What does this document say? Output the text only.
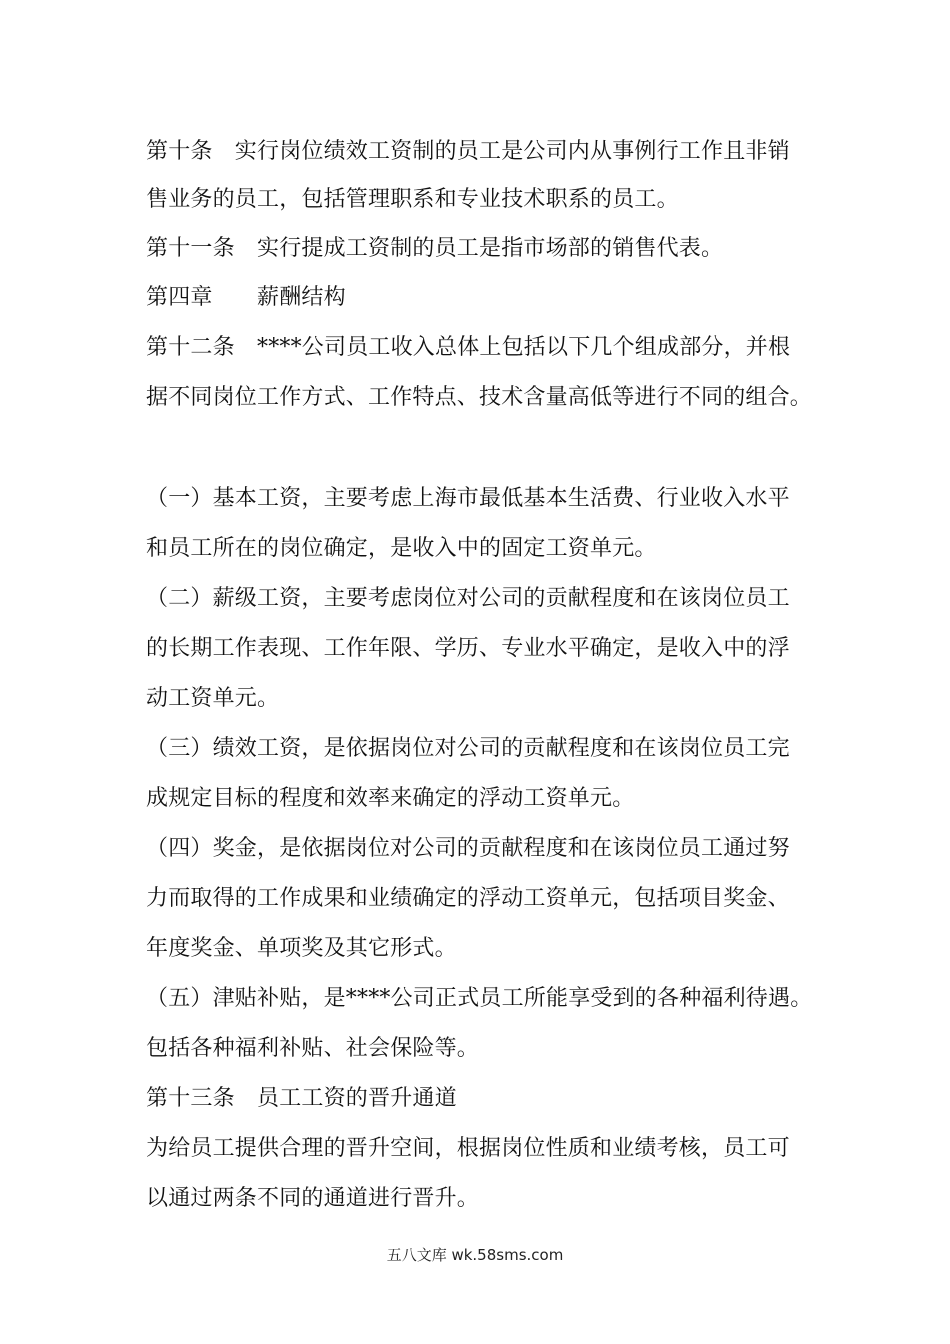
第十条　实行岗位绩效工资制的员工是公司内从事例行工作且非销
售业务的员工，包括管理职系和专业技术职系的员工。
第十一条　实行提成工资制的员工是指市场部的销售代表。
第四章　　薪酬结构
第十二条　****公司员工收入总体上包括以下几个组成部分，并根
据不同岗位工作方式、工作特点、技术含量高低等进行不同的组合。
（一）基本工资，主要考虑上海市最低基本生活费、行业收入水平
和员工所在的岗位确定，是收入中的固定工资单元。
（二）薪级工资，主要考虑岗位对公司的贡献程度和在该岗位员工
的长期工作表现、工作年限、学历、专业水平确定，是收入中的浮
动工资单元。
（三）绩效工资，是依据岗位对公司的贡献程度和在该岗位员工完
成规定目标的程度和效率来确定的浮动工资单元。
（四）奖金，是依据岗位对公司的贡献程度和在该岗位员工通过努
力而取得的工作成果和业绩确定的浮动工资单元，包括项目奖金、
年度奖金、单项奖及其它形式。
（五）津贴补贴，是****公司正式员工所能享受到的各种福利待遇。
包括各种福利补贴、社会保险等。
第十三条　员工工资的晋升通道
为给员工提供合理的晋升空间，根据岗位性质和业绩考核，员工可
以通过两条不同的通道进行晋升。
五八文库 wk.58sms.com
